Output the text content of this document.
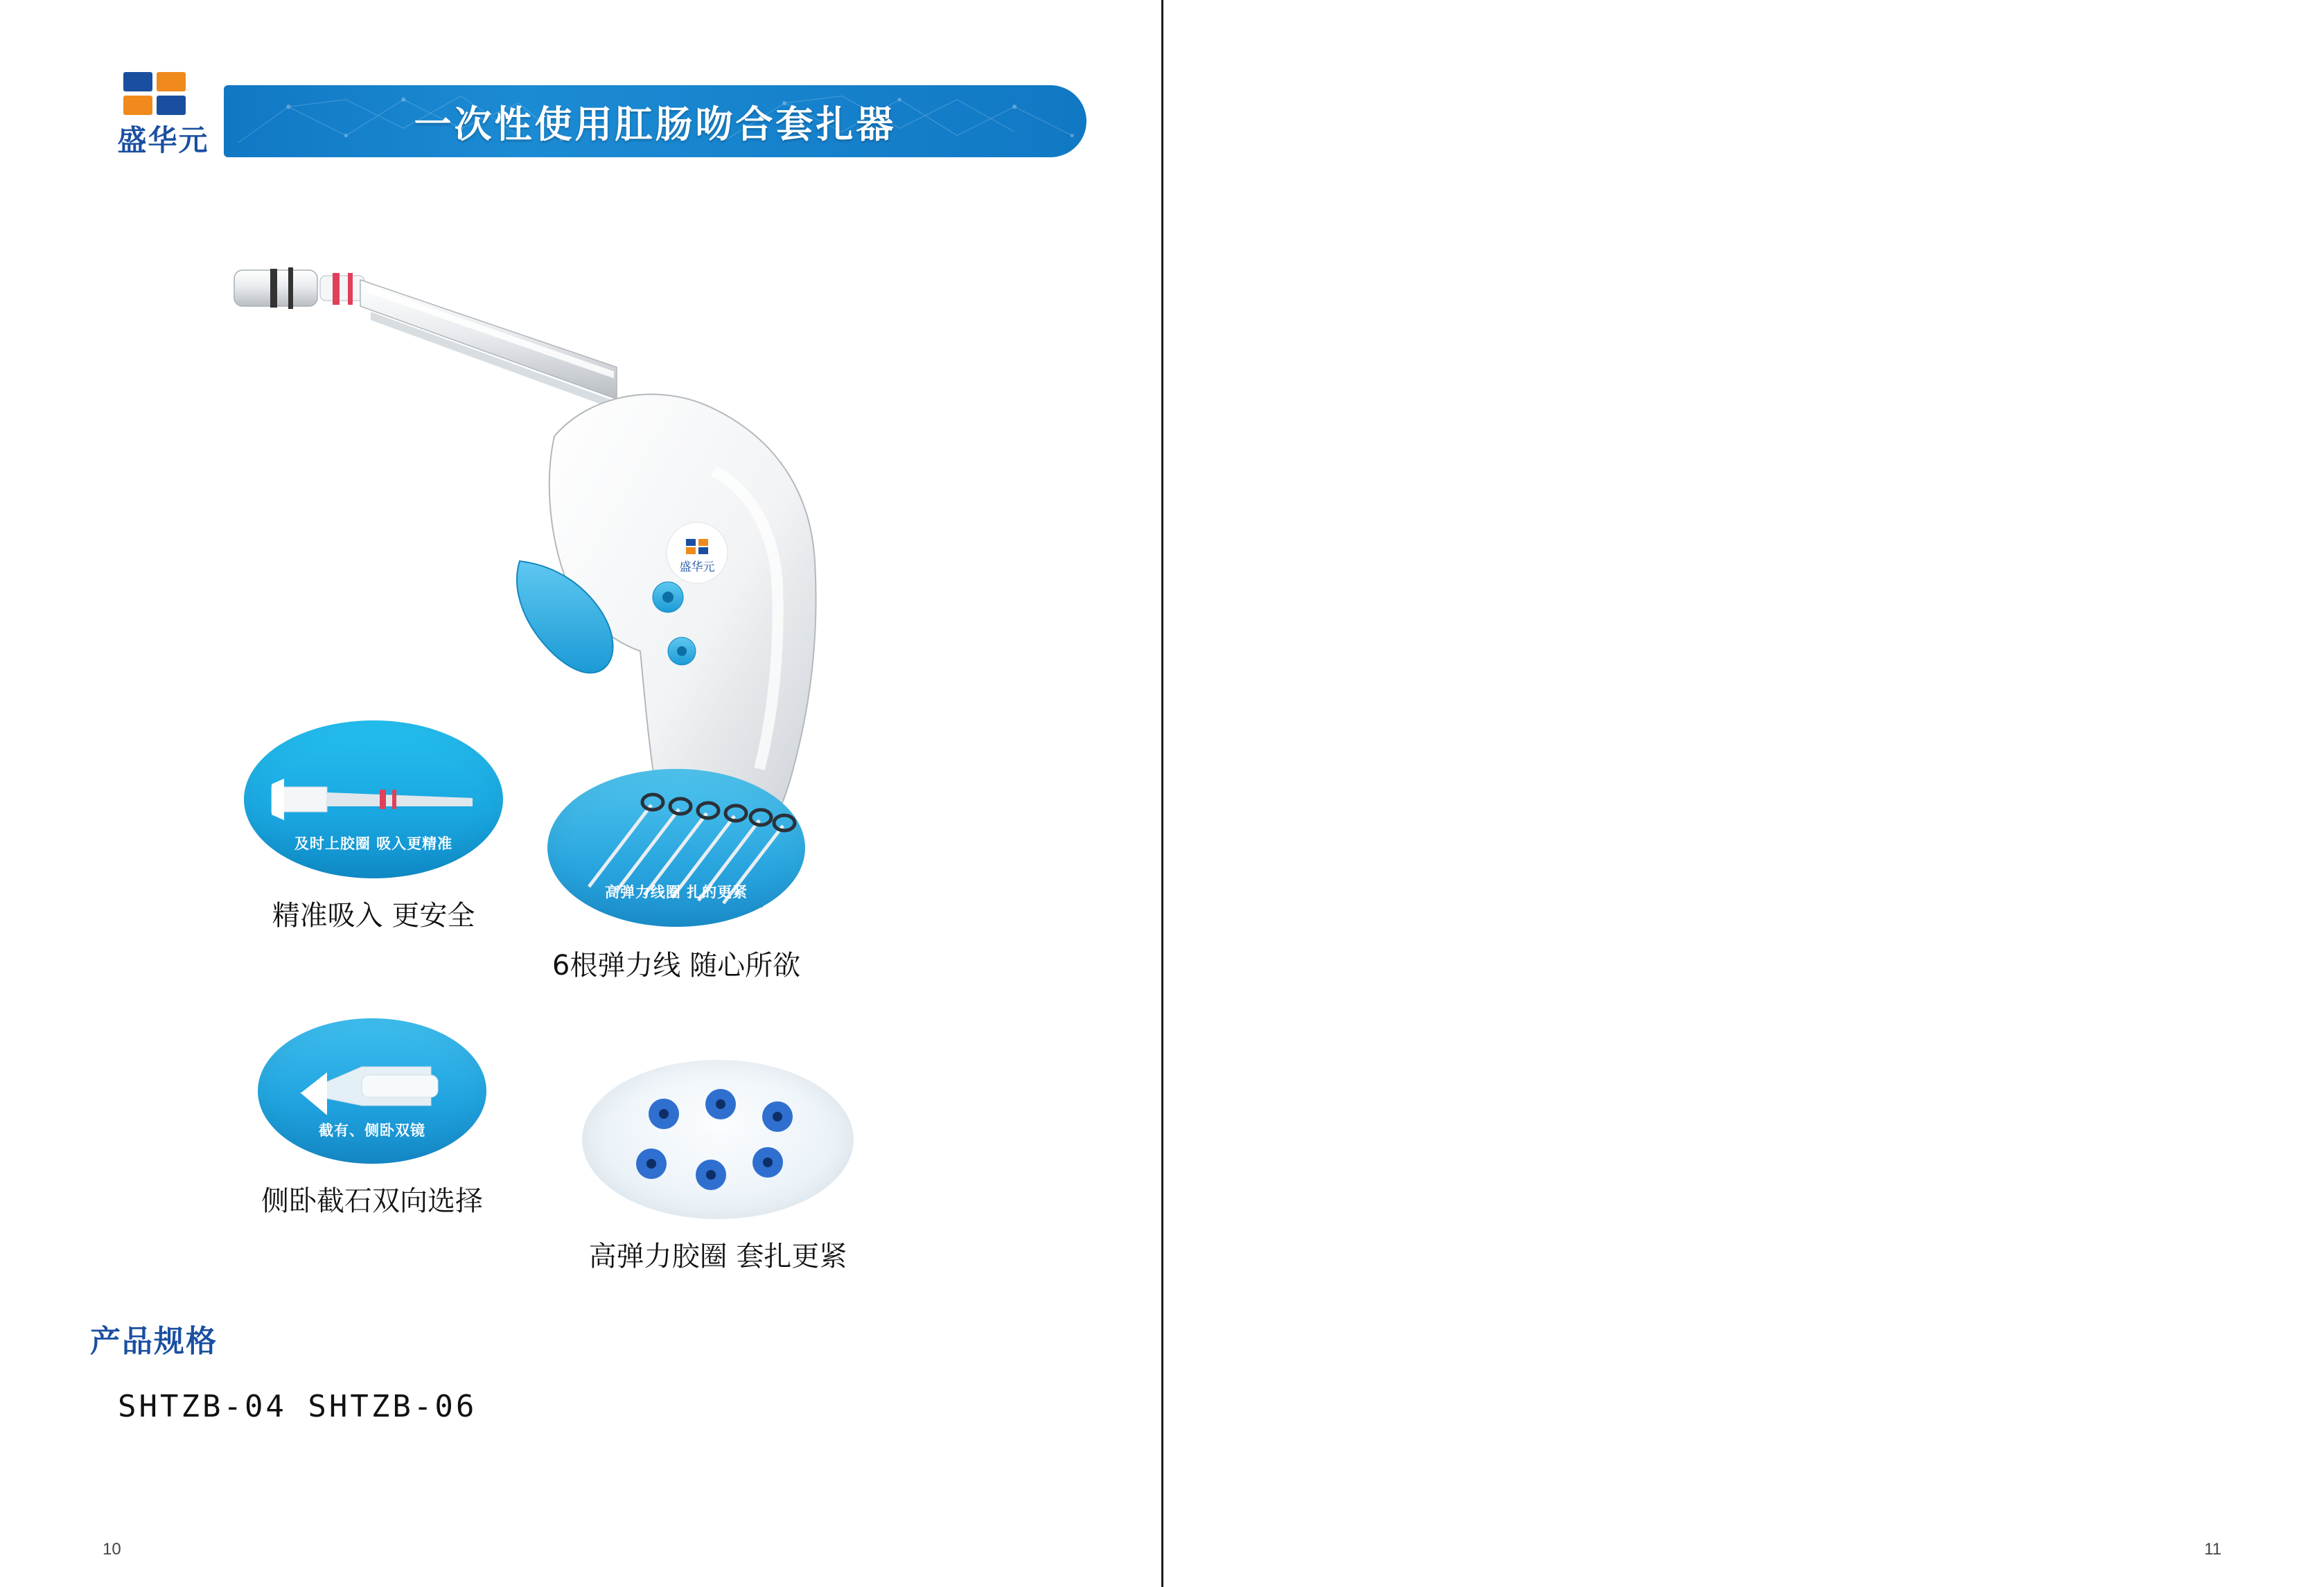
盛华元	一次性使用肛肠吻合套扎器
盛华元
及时上胶圈 吸入更精准
精准吸入 更安全
高弹力线圈 扎的更紧
6根弹力线 随心所欲
截有、侧卧双镜
侧卧截石双向选择
高弹力胶圈 套扎更紧
产品规格
SHTZB-04 SHTZB-06
10	11
